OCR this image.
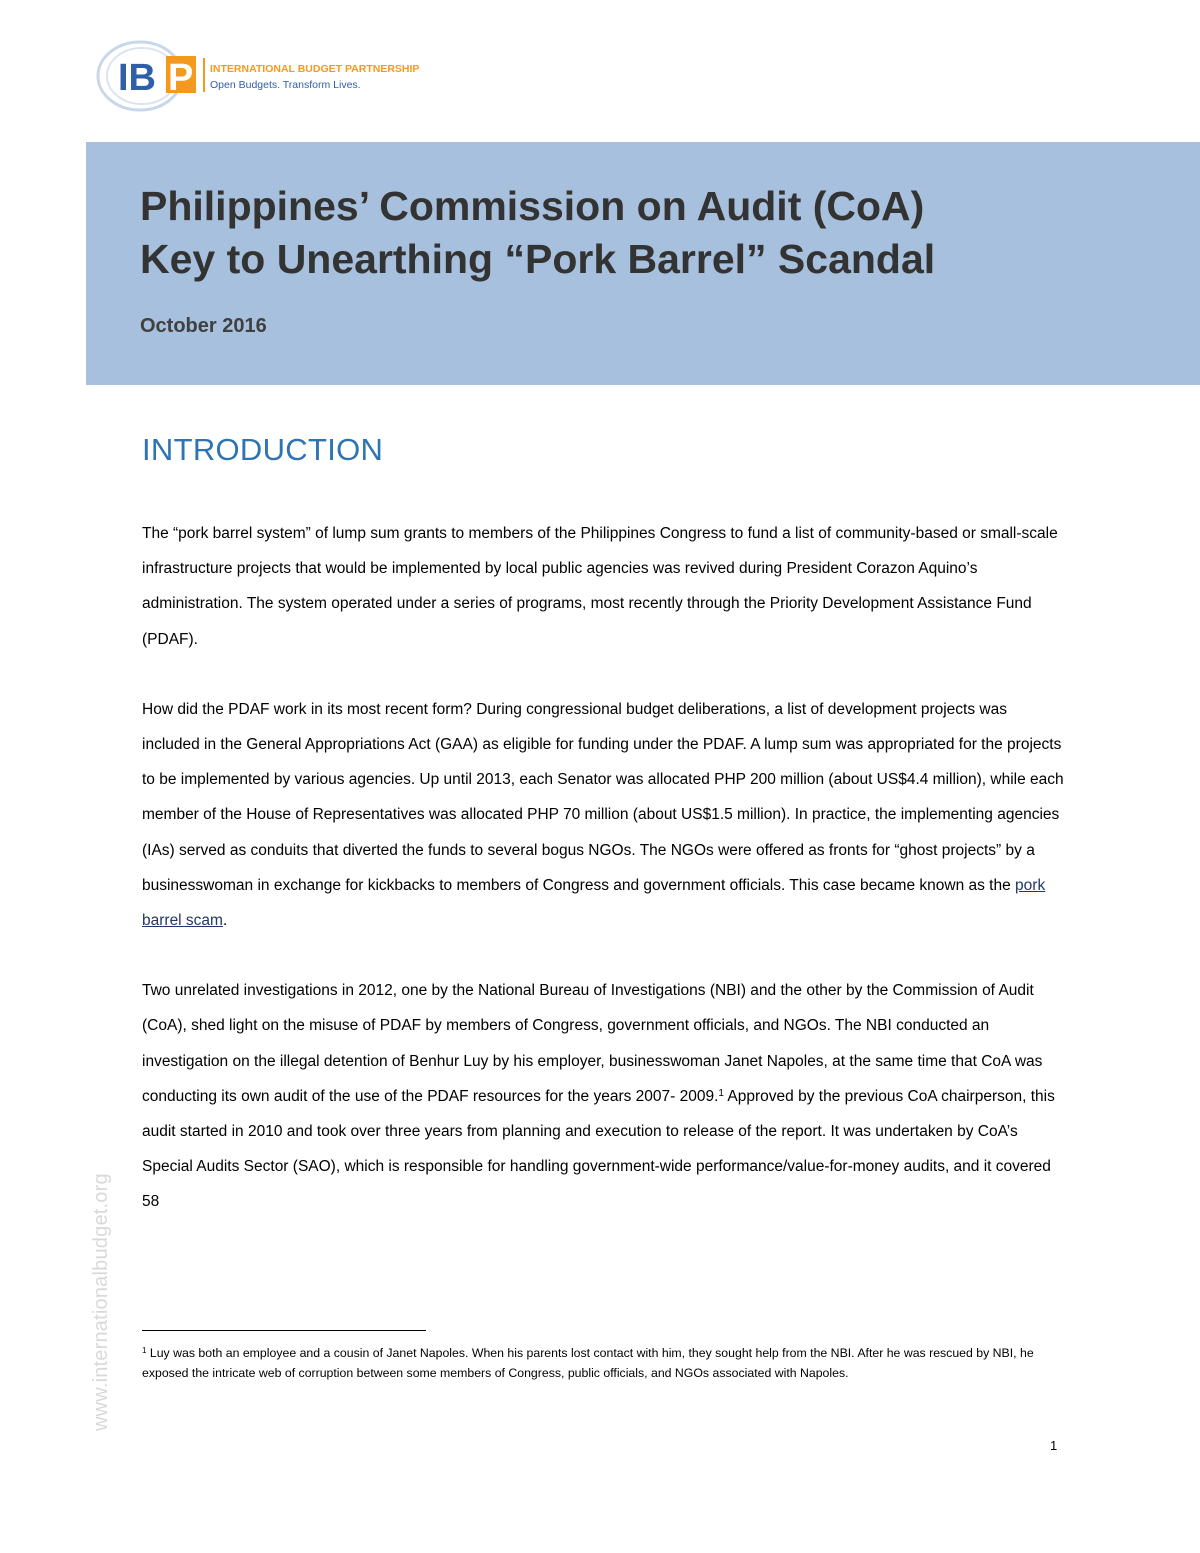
IB P INTERNATIONAL BUDGET PARTNERSHIP
Open Budgets. Transform Lives.
Philippines’ Commission on Audit (CoA)
Key to Unearthing “Pork Barrel” Scandal

October 2016

www.internationalbudget.org
INTRODUCTION

The “pork barrel system” of lump sum grants to members of the Philippines Congress to fund a list of community-based or small-scale infrastructure projects that would be implemented by local public agencies was revived during President Corazon Aquino’s administration. The system operated under a series of programs, most recently through the Priority Development Assistance Fund (PDAF).

How did the PDAF work in its most recent form? During congressional budget deliberations, a list of development projects was included in the General Appropriations Act (GAA) as eligible for funding under the PDAF. A lump sum was appropriated for the projects to be implemented by various agencies. Up until 2013, each Senator was allocated PHP 200 million (about US$4.4 million), while each member of the House of Representatives was allocated PHP 70 million (about US$1.5 million). In practice, the implementing agencies (IAs) served as conduits that diverted the funds to several bogus NGOs. The NGOs were offered as fronts for “ghost projects” by a businesswoman in exchange for kickbacks to members of Congress and government officials. This case became known as the pork barrel scam.

Two unrelated investigations in 2012, one by the National Bureau of Investigations (NBI) and the other by the Commission of Audit (CoA), shed light on the misuse of PDAF by members of Congress, government officials, and NGOs. The NBI conducted an investigation on the illegal detention of Benhur Luy by his employer, businesswoman Janet Napoles, at the same time that CoA was conducting its own audit of the use of the PDAF resources for the years 2007- 2009.$^1$ Approved by the previous CoA chairperson, this audit started in 2010 and took over three years from planning and execution to release of the report. It was undertaken by CoA’s Special Audits Sector (SAO), which is responsible for handling government-wide performance/value-for-money audits, and it covered 58

$^1$ Luy was both an employee and a cousin of Janet Napoles. When his parents lost contact with him, they sought help from the NBI. After he was rescued by NBI, he exposed the intricate web of corruption between some members of Congress, public officials, and NGOs associated with Napoles.

1
